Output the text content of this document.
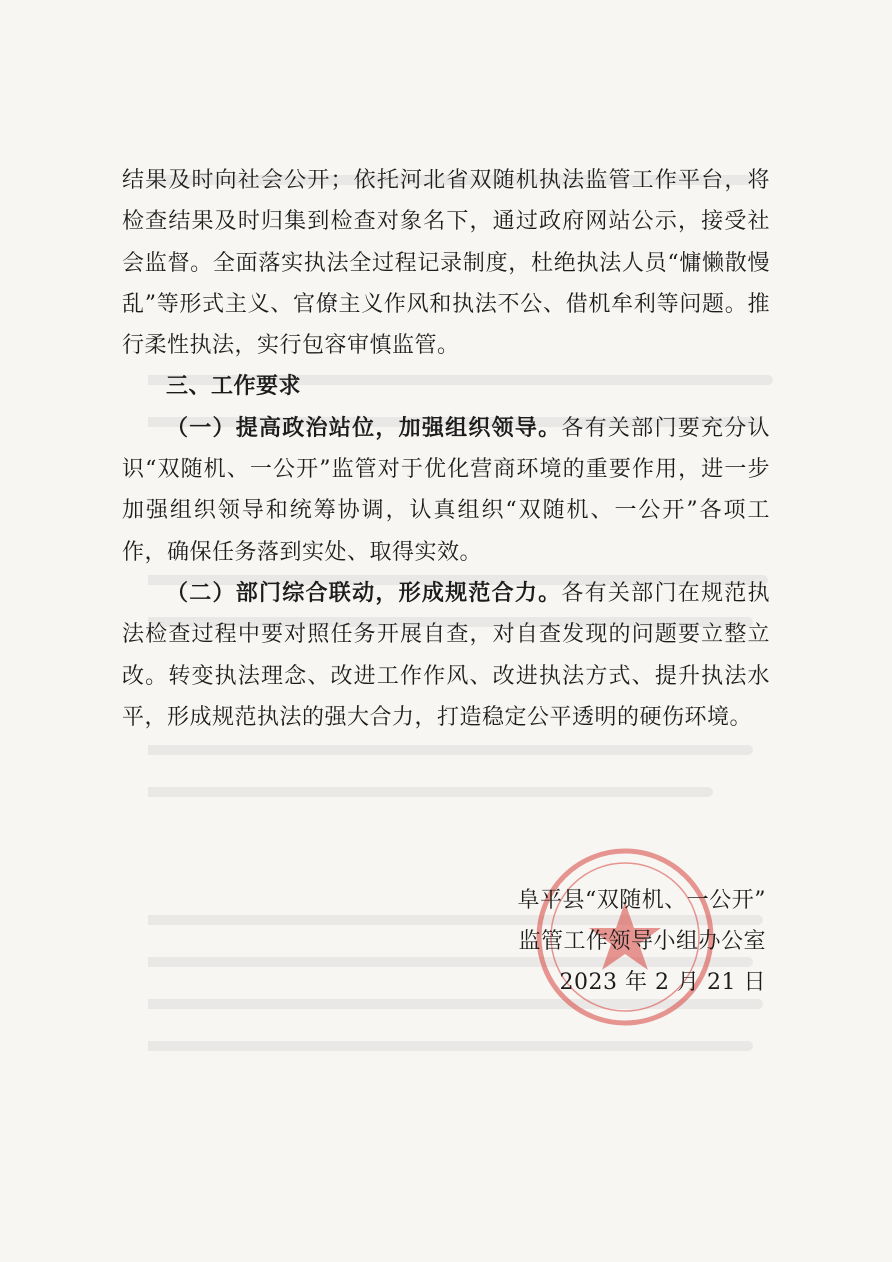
结果及时向社会公开；依托河北省双随机执法监管工作平台，将检查结果及时归集到检查对象名下，通过政府网站公示，接受社会监督。全面落实执法全过程记录制度，杜绝执法人员“慵懒散慢乱”等形式主义、官僚主义作风和执法不公、借机牟利等问题。推行柔性执法，实行包容审慎监管。

三、工作要求

（一）提高政治站位，加强组织领导。各有关部门要充分认识“双随机、一公开”监管对于优化营商环境的重要作用，进一步加强组织领导和统筹协调，认真组织“双随机、一公开”各项工作，确保任务落到实处、取得实效。

（二）部门综合联动，形成规范合力。各有关部门在规范执法检查过程中要对照任务开展自查，对自查发现的问题要立整立改。转变执法理念、改进工作作风、改进执法方式、提升执法水平，形成规范执法的强大合力，打造稳定公平透明的硬伤环境。

阜平县“双随机、一公开”
监管工作领导小组办公室
2023 年 2 月 21 日
